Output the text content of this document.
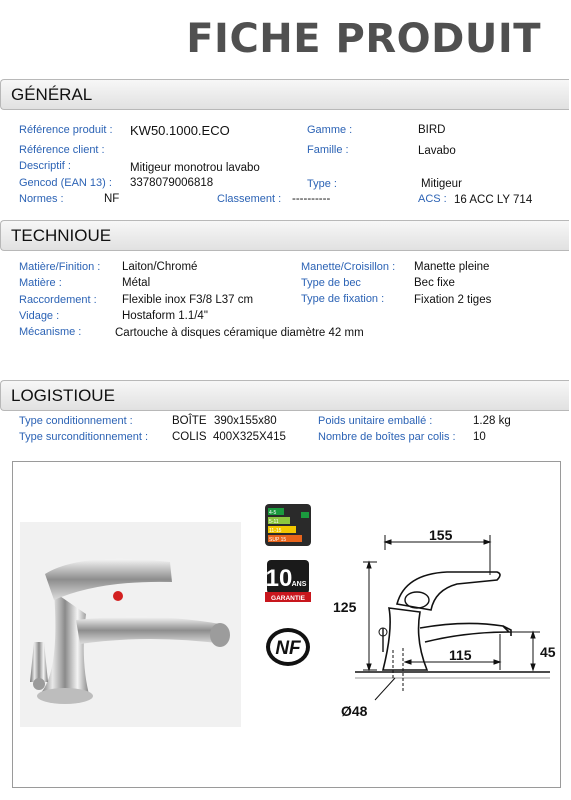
FICHE PRODUIT
GÉNÉRAL
Référence produit : KW50.1000.ECO	Gamme :	BIRD
Référence client :	Famille :	Lavabo
Descriptif :	Mitigeur monotrou lavabo
Gencod (EAN 13) : 3378079006818	Type :	Mitigeur
Normes :	NF	Classement : ----------	ACS : 16 ACC LY 714
TECHNIOUE
Matière/Finition : Laiton/Chromé	Manette/Croisillon : Manette pleine
Matière :	Métal	Type de bec	Bec fixe
Raccordement : Flexible inox F3/8 L37 cm	Type de fixation :	Fixation 2 tiges
Vidage :	Hostaform 1.1/4"
Mécanisme :	Cartouche à disques céramique diamètre 42 mm
LOGISTIOUE
Type conditionnement :	BOÎTE 390x155x80	Poids unitaire emballé :	1.28 kg
Type surconditionnement : COLIS 400X325X415	Nombre de boîtes par colis : 10
4-5
5-11
11-15
SUP 15
10 ANS
GARANTIE
NF
155
125
115	45
Ø48
